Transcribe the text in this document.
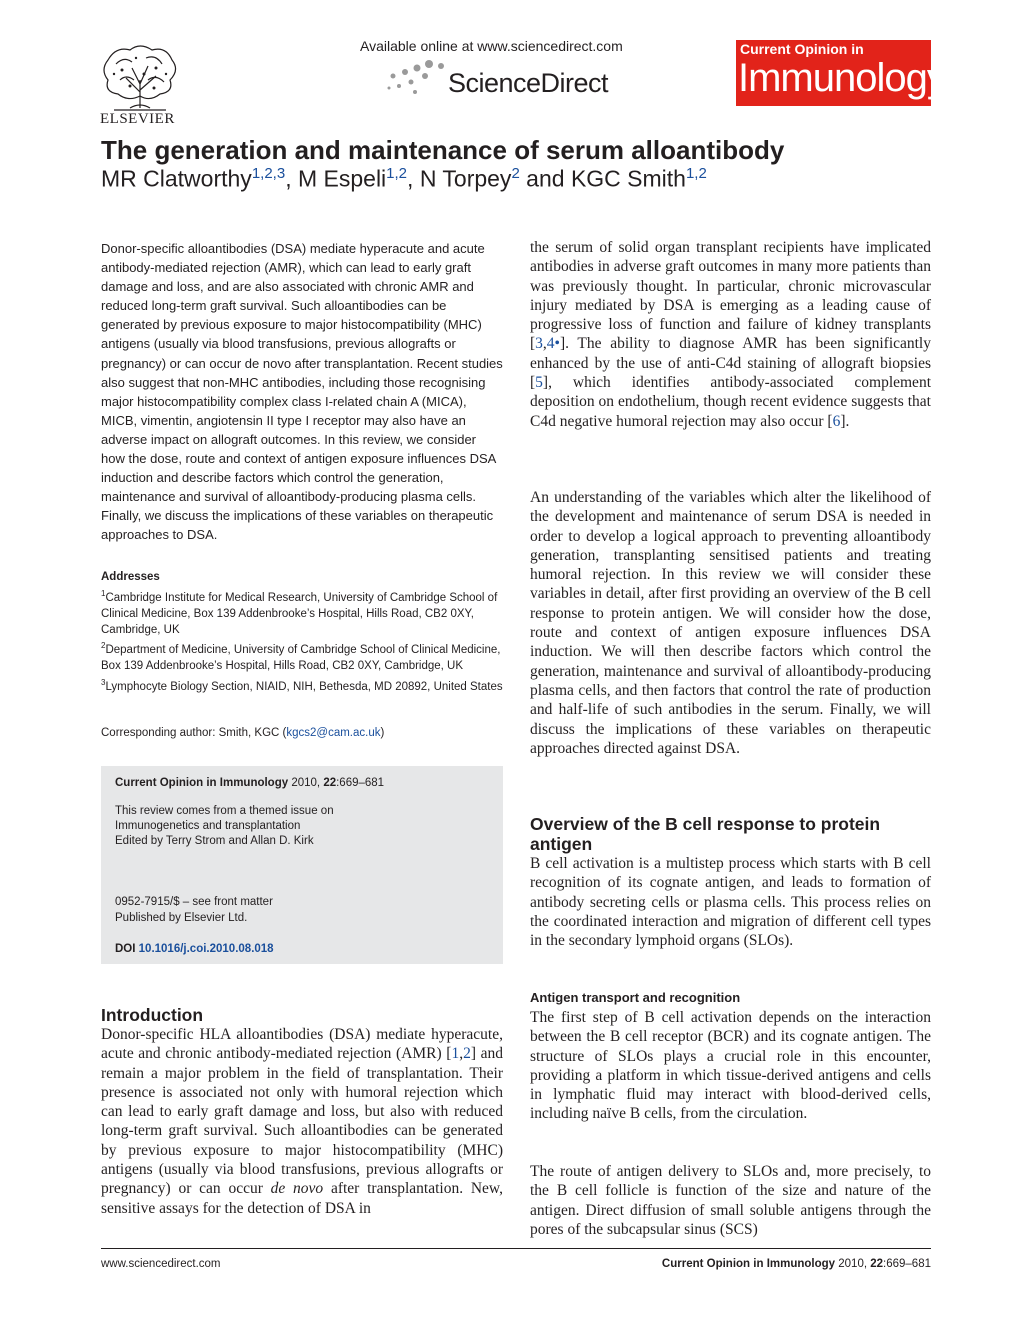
ELSEVIER
Available online at www.sciencedirect.com
ScienceDirect
Current Opinion in
Immunology
The generation and maintenance of serum alloantibody
MR Clatworthy$^{1,2,3}$, M Espeli$^{1,2}$, N Torpey$^2$ and KGC Smith$^{1,2}$

Donor-specific alloantibodies (DSA) mediate hyperacute and acute antibody-mediated rejection (AMR), which can lead to early graft damage and loss, and are also associated with chronic AMR and reduced long-term graft survival. Such alloantibodies can be generated by previous exposure to major histocompatibility (MHC) antigens (usually via blood transfusions, previous allografts or pregnancy) or can occur de novo after transplantation. Recent studies also suggest that non-MHC antibodies, including those recognising major histocompatibility complex class I-related chain A (MICA), MICB, vimentin, angiotensin II type I receptor may also have an adverse impact on allograft outcomes. In this review, we consider how the dose, route and context of antigen exposure influences DSA induction and describe factors which control the generation, maintenance and survival of alloantibody-producing plasma cells. Finally, we discuss the implications of these variables on therapeutic approaches to DSA.

Addresses

$^1$Cambridge Institute for Medical Research, University of Cambridge School of Clinical Medicine, Box 139 Addenbrooke’s Hospital, Hills Road, CB2 0XY, Cambridge, UK

$^2$Department of Medicine, University of Cambridge School of Clinical Medicine, Box 139 Addenbrooke’s Hospital, Hills Road, CB2 0XY, Cambridge, UK

$^3$Lymphocyte Biology Section, NIAID, NIH, Bethesda, MD 20892, United States

Corresponding author: Smith, KGC (kgcs2@cam.ac.uk)

Current Opinion in Immunology 2010, 22:669–681

This review comes from a themed issue on

Immunogenetics and transplantation

Edited by Terry Strom and Allan D. Kirk

0952-7915/$ – see front matter

Published by Elsevier Ltd.

DOI 10.1016/j.coi.2010.08.018

Introduction

Donor-specific HLA alloantibodies (DSA) mediate hyperacute, acute and chronic antibody-mediated rejection (AMR) [1,2] and remain a major problem in the field of transplantation. Their presence is associated not only with humoral rejection which can lead to early graft damage and loss, but also with reduced long-term graft survival. Such alloantibodies can be generated by previous exposure to major histocompatibility (MHC) antigens (usually via blood transfusions, previous allografts or pregnancy) or can occur de novo after transplantation. New, sensitive assays for the detection of DSA in

the serum of solid organ transplant recipients have implicated antibodies in adverse graft outcomes in many more patients than was previously thought. In particular, chronic microvascular injury mediated by DSA is emerging as a leading cause of progressive loss of function and failure of kidney transplants [3,4•]. The ability to diagnose AMR has been significantly enhanced by the use of anti-C4d staining of allograft biopsies [5], which identifies antibody-associated complement deposition on endothelium, though recent evidence suggests that C4d negative humoral rejection may also occur [6].

An understanding of the variables which alter the likelihood of the development and maintenance of serum DSA is needed in order to develop a logical approach to preventing alloantibody generation, transplanting sensitised patients and treating humoral rejection. In this review we will consider these variables in detail, after first providing an overview of the B cell response to protein antigen. We will consider how the dose, route and context of antigen exposure influences DSA induction. We will then describe factors which control the generation, maintenance and survival of alloantibody-producing plasma cells, and then factors that control the rate of production and half-life of such antibodies in the serum. Finally, we will discuss the implications of these variables on therapeutic approaches directed against DSA.

Overview of the B cell response to protein antigen

B cell activation is a multistep process which starts with B cell recognition of its cognate antigen, and leads to formation of antibody secreting cells or plasma cells. This process relies on the coordinated interaction and migration of different cell types in the secondary lymphoid organs (SLOs).

Antigen transport and recognition

The first step of B cell activation depends on the interaction between the B cell receptor (BCR) and its cognate antigen. The structure of SLOs plays a crucial role in this encounter, providing a platform in which tissue-derived antigens and cells in lymphatic fluid may interact with blood-derived cells, including naïve B cells, from the circulation.

The route of antigen delivery to SLOs and, more precisely, to the B cell follicle is function of the size and nature of the antigen. Direct diffusion of small soluble antigens through the pores of the subcapsular sinus (SCS)

www.sciencedirect.com	Current Opinion in Immunology 2010, 22:669–681
